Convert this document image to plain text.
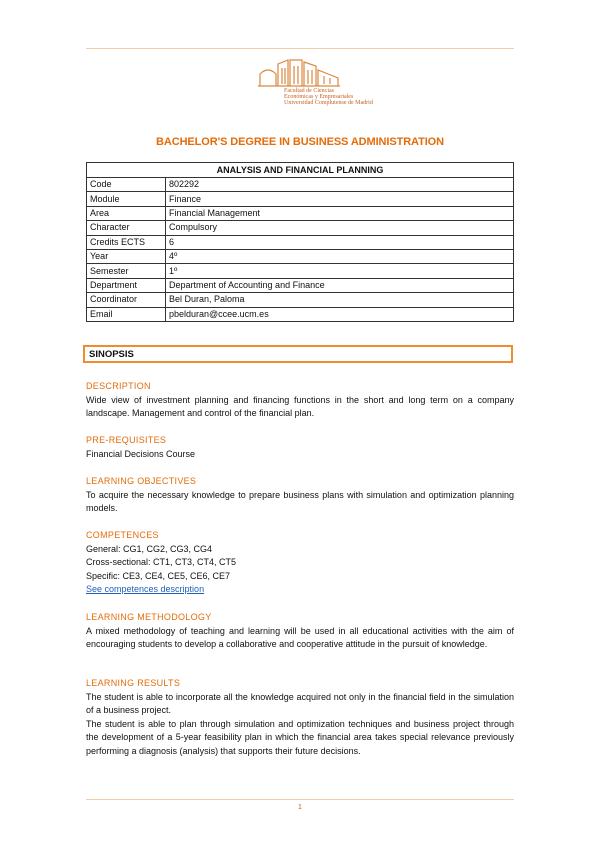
Facultad de Ciencias
Económicas y Empresariales
Universidad Complutense de Madrid
BACHELOR'S DEGREE IN BUSINESS ADMINISTRATION
ANALYSIS AND FINANCIAL PLANNING	
Code	802292
Module	Finance
Area	Financial Management
Character	Compulsory
Credits ECTS	6
Year	4º
Semester	1º
Department	Department of Accounting and Finance
Coordinator	Bel Duran, Paloma
Email	pbelduran@ccee.ucm.es
SINOPSIS
DESCRIPTION
Wide view of investment planning and financing functions in the short and long term on a company landscape. Management and control of the financial plan.
PRE-REQUISITES
Financial Decisions Course
LEARNING OBJECTIVES
To acquire the necessary knowledge to prepare business plans with simulation and optimization planning models.
COMPETENCES
General: CG1, CG2, CG3, CG4
Cross-sectional: CT1, CT3, CT4, CT5
Specific: CE3, CE4, CE5, CE6, CE7
See competences description
LEARNING METHODOLOGY
A mixed methodology of teaching and learning will be used in all educational activities with the aim of encouraging students to develop a collaborative and cooperative attitude in the pursuit of knowledge.
LEARNING RESULTS
The student is able to incorporate all the knowledge acquired not only in the financial field in the simulation of a business project.
The student is able to plan through simulation and optimization techniques and business project through the development of a 5-year feasibility plan in which the financial area takes special relevance previously performing a diagnosis (analysis) that supports their future decisions.
1
